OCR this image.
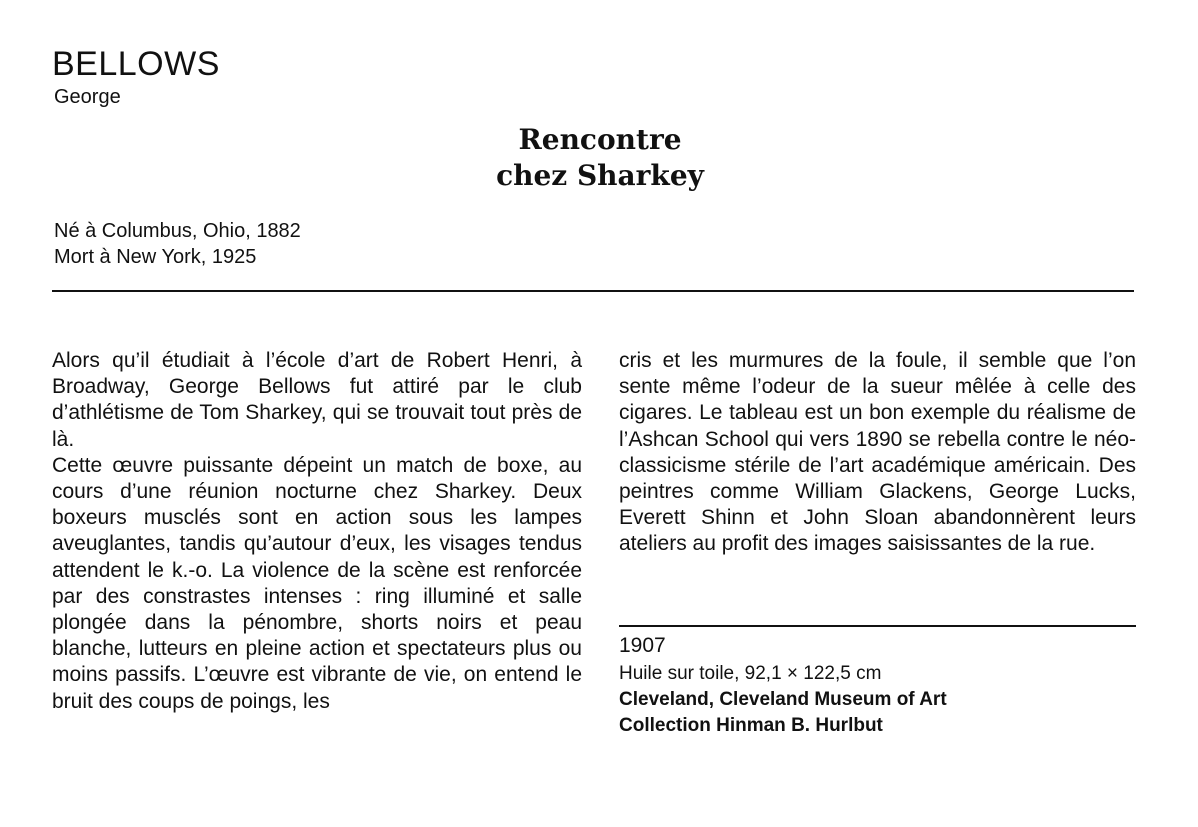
BELLOWS
George
Rencontre
chez Sharkey
Né à Columbus, Ohio, 1882
Mort à New York, 1925

Alors qu’il étudiait à l’école d’art de Robert Henri, à Broadway, George Bellows fut attiré par le club d’athlétisme de Tom Sharkey, qui se trouvait tout près de là.

Cette œuvre puissante dépeint un match de boxe, au cours d’une réunion nocturne chez Sharkey. Deux boxeurs musclés sont en action sous les lampes aveuglantes, tandis qu’autour d’eux, les visages tendus attendent le k.-o. La violence de la scène est renforcée par des constrastes intenses : ring illuminé et salle plongée dans la pénombre, shorts noirs et peau blanche, lutteurs en pleine action et spectateurs plus ou moins passifs. L’œuvre est vibrante de vie, on entend le bruit des coups de poings, les

cris et les murmures de la foule, il semble que l’on sente même l’odeur de la sueur mêlée à celle des cigares. Le tableau est un bon exemple du réalisme de l’Ashcan School qui vers 1890 se rebella contre le néo-classicisme stérile de l’art académique américain. Des peintres comme William Glackens, George Lucks, Everett Shinn et John Sloan abandonnèrent leurs ateliers au profit des images saisissantes de la rue.

1907
Huile sur toile, 92,1 × 122,5 cm
Cleveland, Cleveland Museum of Art
Collection Hinman B. Hurlbut
